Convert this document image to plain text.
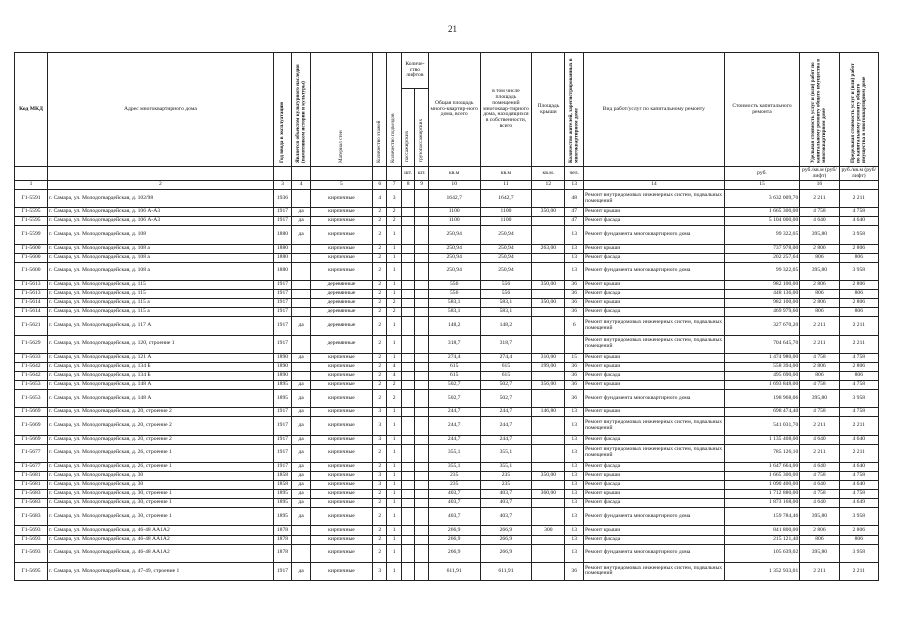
21
Код МКД	Адрес многоквартирного дома	Год ввода в эксплуатацию	Является объектом культурного наследия (памятником истории и культуры)	Материал стен	Количество этажей	Количество подъездов	Количе-ство лифтов		Общая площадь много-квартир-ного дома, всего	в том числе площадь помещений многоквар-тирного дома, находящихся в собственности, всего	Площадь крыши	Количество жителей, зарегистрированных в многоквартирном доме	Вид работ/услуг по капитальному ремонту	Стоимость капитального ремонта	Удельная стоимость услуг и (или) работ по капитальному ремонту общего имущества в многоквартирном доме	Предельная стоимость услуг и (или) работ по капитальному ремонту общего имущества в многоквартирном доме

							пассажирских	грузопассажирских								

							шт.	шт.	кв.м	кв.м	кв.м.	чел.		руб.	руб./кв.м (руб/лифт)	руб./кв.м (руб/лифт)
1	2	3	4	5	6	7	8	9	10	11	12	13	14	15	16	
Г1-5591	г. Самара, ул. Молодогвардейская, д. 102/98	1936		кирпичные	4	3			1642,7	1642,7		48	Ремонт внутридомовых инженерных систем, подвальных помещений	3 632 009,70	2 211	2 211
Г1-5595	г. Самара, ул. Молодогвардейская, д. 106 А-А3	1917	да	кирпичные	2	2			1100	1100	350,00	47	Ремонт крыши	1 665 300,00	4 758	4 758
Г1-5595	г. Самара, ул. Молодогвардейская, д. 106 А-А3	1917	да	кирпичные	2	2			1100	1100		47	Ремонт фасада	5 104 000,00	4 640	4 640
Г1-5599	г. Самара, ул. Молодогвардейская, д. 108	1880	да	кирпичные	2	1			250,94	250,94		13	Ремонт фундамента многоквартирного дома	99 322,05	395,80	3 958
Г1-5600	г. Самара, ул. Молодогвардейская, д. 108 а	1880		кирпичные	2	1			250,94	250,94	263,00	13	Ремонт крыши	737 978,00	2 806	2 806
Г1-5600	г. Самара, ул. Молодогвардейская, д. 108 а	1880		кирпичные	2	1			250,94	250,94		13	Ремонт фасада	202 257,64	806	806
Г1-5600	г. Самара, ул. Молодогвардейская, д. 108 а	1880		кирпичные	2	1			250,94	250,94		13	Ремонт фундамента многоквартирного дома	99 322,05	395,80	3 958
Г1-5613	г. Самара, ул. Молодогвардейская, д. 115	1917		деревянные	2	1			556	556	350,00	36	Ремонт крыши	982 100,00	2 806	2 806
Г1-5613	г. Самара, ул. Молодогвардейская, д. 115	1917		деревянные	2	1			556	556		36	Ремонт фасада	448 136,00	806	806
Г1-5614	г. Самара, ул. Молодогвардейская, д. 115 а	1917		деревянные	2	2			583,1	583,1	350,00	36	Ремонт крыши	982 100,00	2 806	2 806
Г1-5614	г. Самара, ул. Молодогвардейская, д. 115 а	1917		деревянные	2	2			583,1	583,1		36	Ремонт фасада	469 979,60	806	806
Г1-5621	г. Самара, ул. Молодогвардейская, д. 117 А	1917	да	деревянные	2	1			148,2	148,2		6	Ремонт внутридомовых инженерных систем, подвальных помещений	327 670,20	2 211	2 211
Г1-5629	г. Самара, ул. Молодогвардейская, д. 120, строение 1	1917		деревянные	2	1			318,7	318,7			Ремонт внутридомовых инженерных систем, подвальных помещений	704 645,70	2 211	2 211
Г1-5633	г. Самара, ул. Молодогвардейская, д. 121 А	1890	да	кирпичные	2	1			274,4	274,4	310,00	15	Ремонт крыши	1 474 980,00	4 758	4 758
Г1-5642	г. Самара, ул. Молодогвардейская, д. 134 Б	1890		кирпичные	2	4			615	615	199,00	36	Ремонт крыши	558 394,00	2 806	2 806
Г1-5642	г. Самара, ул. Молодогвардейская, д. 134 Б	1890		кирпичные	2	4			615	615		36	Ремонт фасада	495 690,00	806	806
Г1-5653	г. Самара, ул. Молодогвардейская, д. 148 А	1895	да	кирпичные	2	2			502,7	502,7	356,00	36	Ремонт крыши	1 693 848,00	4 758	4 758
Г1-5653	г. Самара, ул. Молодогвардейская, д. 148 А	1895	да	кирпичные	2	2			502,7	502,7		36	Ремонт фундамента многоквартирного дома	198 968,06	395,80	3 958
Г1-5669	г. Самара, ул. Молодогвардейская, д. 20, строение 2	1917	да	кирпичные	3	1			244,7	244,7	146,80	13	Ремонт крыши	698 474,40	4 758	4 758
Г1-5669	г. Самара, ул. Молодогвардейская, д. 20, строение 2	1917	да	кирпичные	3	1			244,7	244,7		13	Ремонт внутридомовых инженерных систем, подвальных помещений	541 031,70	2 211	2 211
Г1-5669	г. Самара, ул. Молодогвардейская, д. 20, строение 2	1917	да	кирпичные	3	1			244,7	244,7		13	Ремонт фасада	1 135 408,00	4 640	4 640
Г1-5677	г. Самара, ул. Молодогвардейская, д. 26, строение 1	1917	да	кирпичные	2	1			355,1	355,1		13	Ремонт внутридомовых инженерных систем, подвальных помещений	785 126,10	2 211	2 211
Г1-5677	г. Самара, ул. Молодогвардейская, д. 26, строение 1	1917	да	кирпичные	2	1			355,1	355,1		13	Ремонт фасада	1 647 664,00	4 640	4 640
Г1-5681	г. Самара, ул. Молодогвардейская, д. 30	1858	да	кирпичные	3	1			235	235	350,00	13	Ремонт крыши	1 665 300,00	4 758	4 758
Г1-5681	г. Самара, ул. Молодогвардейская, д. 30	1858	да	кирпичные	3	1			235	235		13	Ремонт фасада	1 090 400,00	4 640	4 640
Г1-5683	г. Самара, ул. Молодогвардейская, д. 30, строение 1	1895	да	кирпичные	2	1			403,7	403,7	360,00	13	Ремонт крыши	1 712 880,00	4 758	4 758
Г1-5683	г. Самара, ул. Молодогвардейская, д. 30, строение 1	1895	да	кирпичные	2	1			403,7	403,7		13	Ремонт фасада	1 873 168,00	4 640	4 649
Г1-5683	г. Самара, ул. Молодогвардейская, д. 30, строение 1	1895	да	кирпичные	2	1			403,7	403,7		13	Ремонт фундамента многоквартирного дома	159 784,46	395,80	3 958
Г1-5693	г. Самара, ул. Молодогвардейская, д. 46-48 АА1А2	1878		кирпичные	2	1			266,9	266,9	300	13	Ремонт крыши	841 800,00	2 806	2 806
Г1-5693	г. Самара, ул. Молодогвардейская, д. 46-48 АА1А2	1878		кирпичные	2	1			266,9	266,9		13	Ремонт фасада	215 121,40	806	806
Г1-5693	г. Самара, ул. Молодогвардейская, д. 46-48 АА1А2	1878		кирпичные	2	1			266,9	266,9		13	Ремонт фундамента многоквартирного дома	105 639,02	395,80	3 958
Г1-5695	г. Самара, ул. Молодогвардейская, д. 47-49, строение 1	1917	да	кирпичные	3	1			611,91	611,91		36	Ремонт внутридомовых инженерных систем, подвальных помещений	1 352 933,01	2 211	2 211
